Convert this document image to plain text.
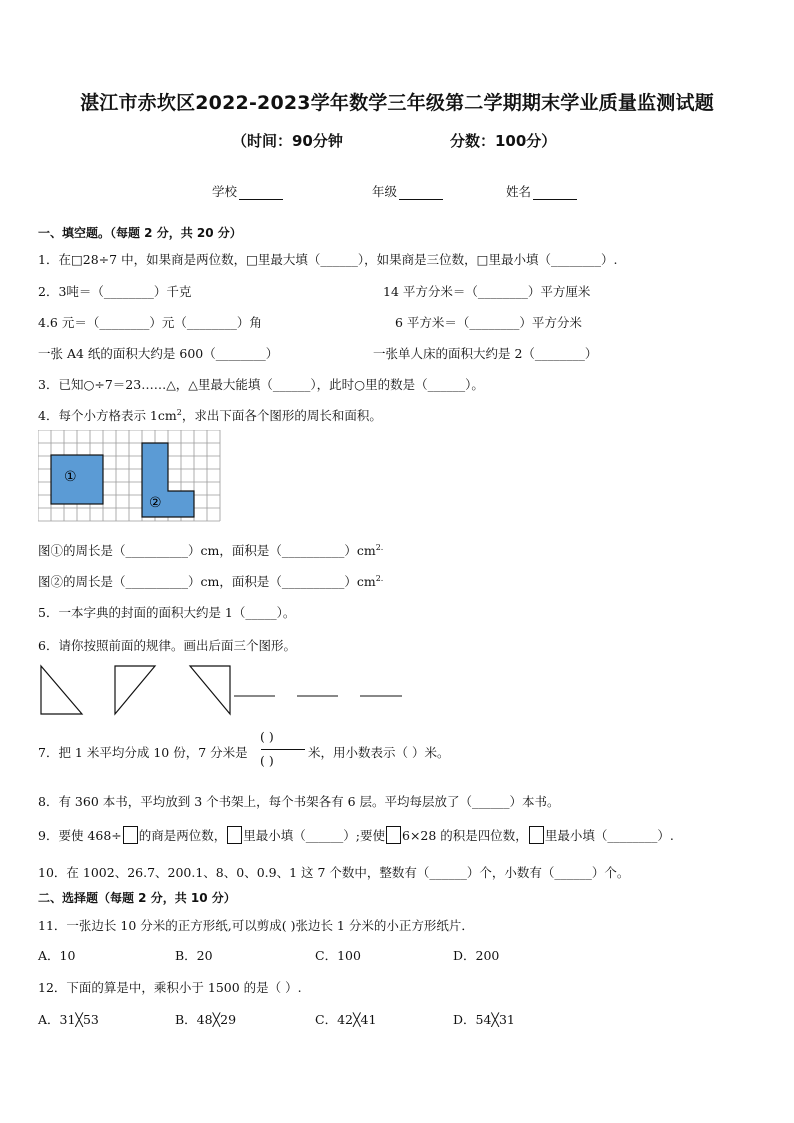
湛江市赤坎区2022-2023学年数学三年级第二学期期末学业质量监测试题
（时间：90分钟	分数：100分）
学校	年级	姓名
一、填空题。（每题 2 分，共 20 分）
1．在□28÷7 中，如果商是两位数，□里最大填（______），如果商是三位数，□里最小填（________）.
2．3吨＝（________）千克	14 平方分米＝（________）平方厘米
4.6 元＝（________）元（________）角	6 平方米＝（________）平方分米
一张 A4 纸的面积大约是 600（________）	一张单人床的面积大约是 2（________）
3．已知○÷7＝23……△，△里最大能填（______），此时○里的数是（______）。
4．每个小方格表示 $1cm^2$，求出下面各个图形的周长和面积。
①
②
图①的周长是（__________）cm，面积是$(\_\_\_\_\_\_\_\_\_\_)cm^{2.}$
图②的周长是（__________）cm，面积是$(\_\_\_\_\_\_\_\_\_\_)cm^{2.}$
5．一本字典的封面的面积大约是 1（_____）。
6．请你按照前面的规律。画出后面三个图形。
7．把 1 米平均分成 10 份，7 分米是
( )
( )
米，用小数表示（ ）米。
8．有 360 本书，平均放到 3 个书架上，每个书架各有 6 层。平均每层放了（______）本书。
9．要使 468÷ 的商是两位数， 里最小填（______）;要使 6×28 的积是四位数， 里最小填（________）.
10．在 1002、26.7、200.1、8、0、0.9、1 这 7 个数中，整数有（______）个，小数有（______）个。
二、选择题（每题 2 分，共 10 分）
11．一张边长 10 分米的正方形纸,可以剪成( )张边长 1 分米的小正方形纸片．
A．10	B．20	C．100	D．200
12．下面的算是中，乘积小于 1500 的是（ ）.
A．31╳53	B．48╳29	C．42╳41	D．54╳31
